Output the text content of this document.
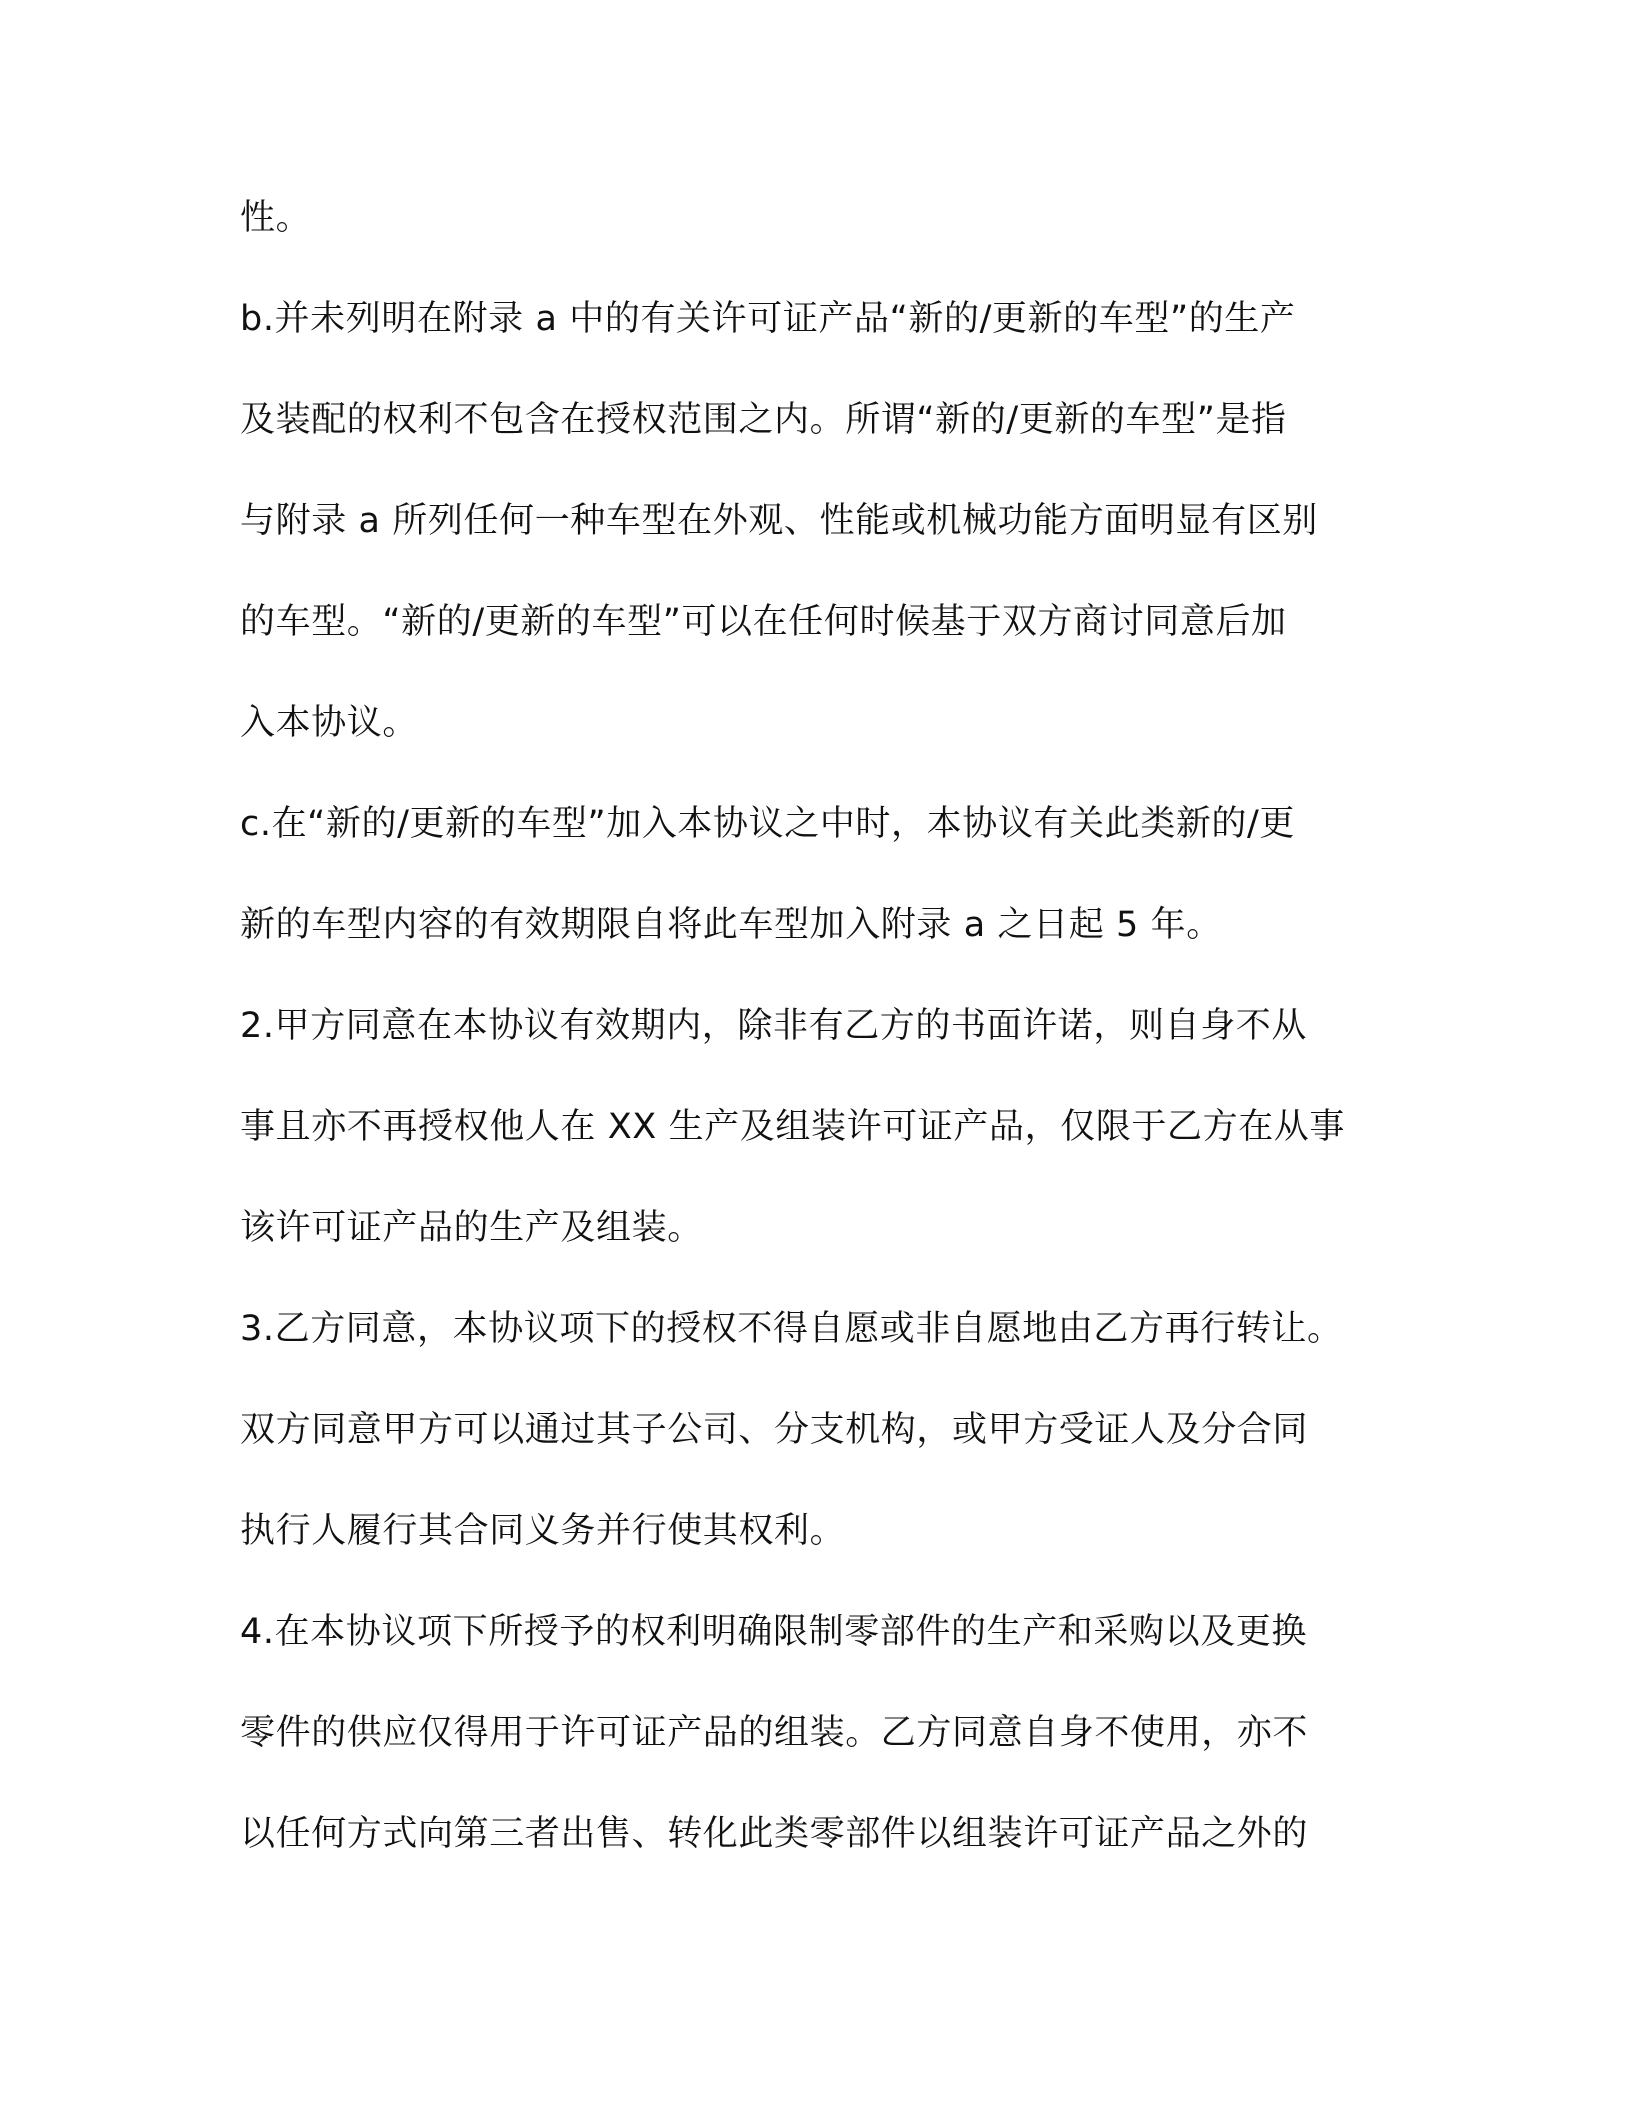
性。

b.并未列明在附录 a 中的有关许可证产品“新的/更新的车型”的生产

及装配的权利不包含在授权范围之内。所谓“新的/更新的车型”是指

与附录 a 所列任何一种车型在外观、性能或机械功能方面明显有区别

的车型。“新的/更新的车型”可以在任何时候基于双方商讨同意后加

入本协议。

c.在“新的/更新的车型”加入本协议之中时，本协议有关此类新的/更

新的车型内容的有效期限自将此车型加入附录 a 之日起 5 年。

2.甲方同意在本协议有效期内，除非有乙方的书面许诺，则自身不从

事且亦不再授权他人在 XX 生产及组装许可证产品，仅限于乙方在从事

该许可证产品的生产及组装。

3.乙方同意，本协议项下的授权不得自愿或非自愿地由乙方再行转让。

双方同意甲方可以通过其子公司、分支机构，或甲方受证人及分合同

执行人履行其合同义务并行使其权利。

4.在本协议项下所授予的权利明确限制零部件的生产和采购以及更换

零件的供应仅得用于许可证产品的组装。乙方同意自身不使用，亦不

以任何方式向第三者出售、转化此类零部件以组装许可证产品之外的
